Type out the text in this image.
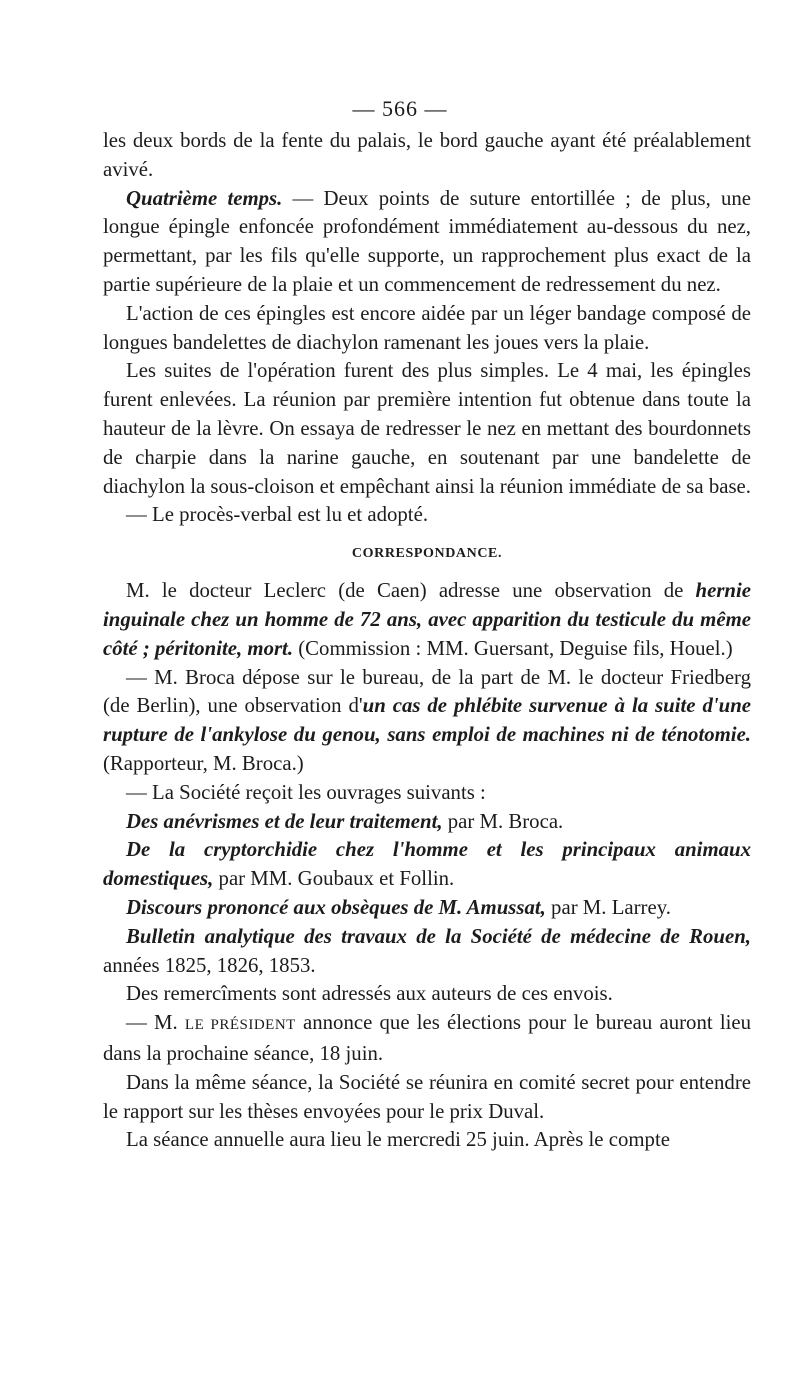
— 566 —

les deux bords de la fente du palais, le bord gauche ayant été préalablement avivé.

Quatrième temps. — Deux points de suture entortillée ; de plus, une longue épingle enfoncée profondément immédiatement au-dessous du nez, permettant, par les fils qu'elle supporte, un rapprochement plus exact de la partie supérieure de la plaie et un commencement de redressement du nez.

L'action de ces épingles est encore aidée par un léger bandage composé de longues bandelettes de diachylon ramenant les joues vers la plaie.

Les suites de l'opération furent des plus simples. Le 4 mai, les épingles furent enlevées. La réunion par première intention fut obtenue dans toute la hauteur de la lèvre. On essaya de redresser le nez en mettant des bourdonnets de charpie dans la narine gauche, en soutenant par une bandelette de diachylon la sous-cloison et empêchant ainsi la réunion immédiate de sa base.

— Le procès-verbal est lu et adopté.

CORRESPONDANCE.

M. le docteur Leclerc (de Caen) adresse une observation de hernie inguinale chez un homme de 72 ans, avec apparition du testicule du même côté ; péritonite, mort. (Commission : MM. Guersant, Deguise fils, Houel.)

— M. Broca dépose sur le bureau, de la part de M. le docteur Friedberg (de Berlin), une observation d'un cas de phlébite survenue à la suite d'une rupture de l'ankylose du genou, sans emploi de machines ni de ténotomie. (Rapporteur, M. Broca.)

— La Société reçoit les ouvrages suivants :

Des anévrismes et de leur traitement, par M. Broca.

De la cryptorchidie chez l'homme et les principaux animaux domestiques, par MM. Goubaux et Follin.

Discours prononcé aux obsèques de M. Amussat, par M. Larrey.

Bulletin analytique des travaux de la Société de médecine de Rouen, années 1825, 1826, 1853.

Des remercîments sont adressés aux auteurs de ces envois.

— M. LE PRÉSIDENT annonce que les élections pour le bureau auront lieu dans la prochaine séance, 18 juin.

Dans la même séance, la Société se réunira en comité secret pour entendre le rapport sur les thèses envoyées pour le prix Duval.

La séance annuelle aura lieu le mercredi 25 juin. Après le compte
